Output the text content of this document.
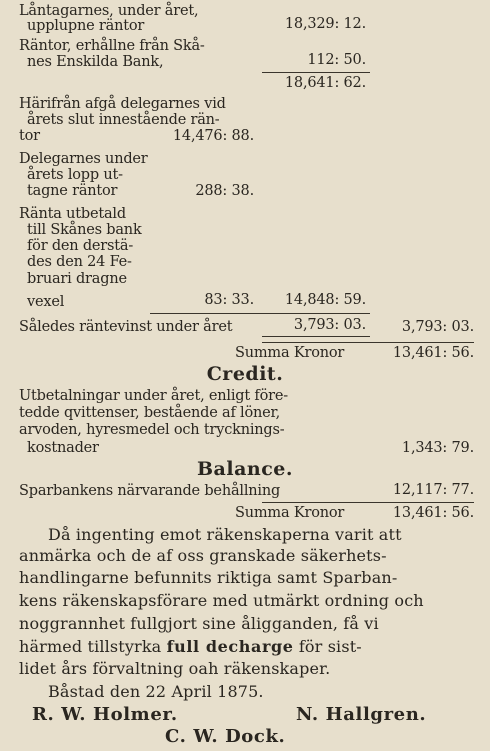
Låntagarnes, under året,
upplupne räntor	18,329: 12.
Räntor, erhållne från Skå-
nes Enskilda Bank,	112: 50.
18,641: 62.
Härifrån afgå delegarnes vid
årets slut innestående rän-
tor	14,476: 88.
Delegarnes under
årets lopp ut-
tagne räntor	288: 38.
Ränta utbetald
till Skånes bank
för den derstä-
des den 24 Fe-
bruari dragne
vexel	83: 33.	14,848: 59.
Således räntevinst under året	3,793: 03.	3,793: 03.
Summa Kronor	13,461: 56.
Credit.
Utbetalningar under året, enligt före-
tedde qvittenser, bestående af löner,
arvoden, hyresmedel och trycknings-
kostnader	1,343: 79.
Balance.
Sparbankens närvarande behållning	12,117: 77.
Summa Kronor	13,461: 56.
Då ingenting emot räkenskaperna varit att
anmärka och de af oss granskade säkerhets-
handlingarne befunnits riktiga samt Sparban-
kens räkenskapsförare med utmärkt ordning och
noggrannhet fullgjort sine åligganden, få vi
härmed tillstyrka full decharge för sist-
lidet års förvaltning oah räkenskaper.
Båstad den 22 April 1875.
R. W. Holmer.	N. Hallgren.
C. W. Dock.
